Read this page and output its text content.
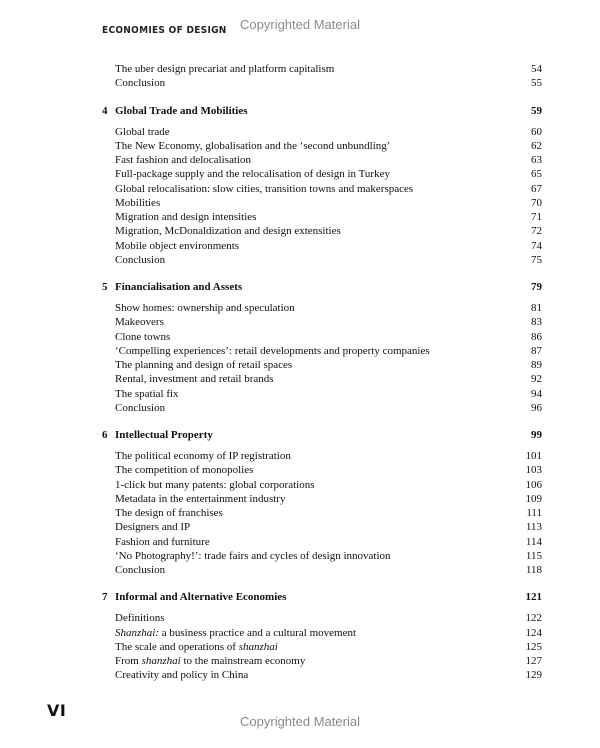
Copyrighted Material
ECONOMIES OF DESIGN
The uber design precariat and platform capitalism	54
Conclusion	55
4 Global Trade and Mobilities	59
Global trade	60
The New Economy, globalisation and the ‘second unbundling’	62
Fast fashion and delocalisation	63
Full-package supply and the relocalisation of design in Turkey	65
Global relocalisation: slow cities, transition towns and makerspaces	67
Mobilities	70
Migration and design intensities	71
Migration, McDonaldization and design extensities	72
Mobile object environments	74
Conclusion	75
5 Financialisation and Assets	79
Show homes: ownership and speculation	81
Makeovers	83
Clone towns	86
‘Compelling experiences’: retail developments and property companies	87
The planning and design of retail spaces	89
Rental, investment and retail brands	92
The spatial fix	94
Conclusion	96
6 Intellectual Property	99
The political economy of IP registration	101
The competition of monopolies	103
1-click but many patents: global corporations	106
Metadata in the entertainment industry	109
The design of franchises	111
Designers and IP	113
Fashion and furniture	114
‘No Photography!’: trade fairs and cycles of design innovation	115
Conclusion	118
7 Informal and Alternative Economies	121
Definitions	122
Shanzhai: a business practice and a cultural movement	124
The scale and operations of shanzhai	125
From shanzhai to the mainstream economy	127
Creativity and policy in China	129
VI
Copyrighted Material
